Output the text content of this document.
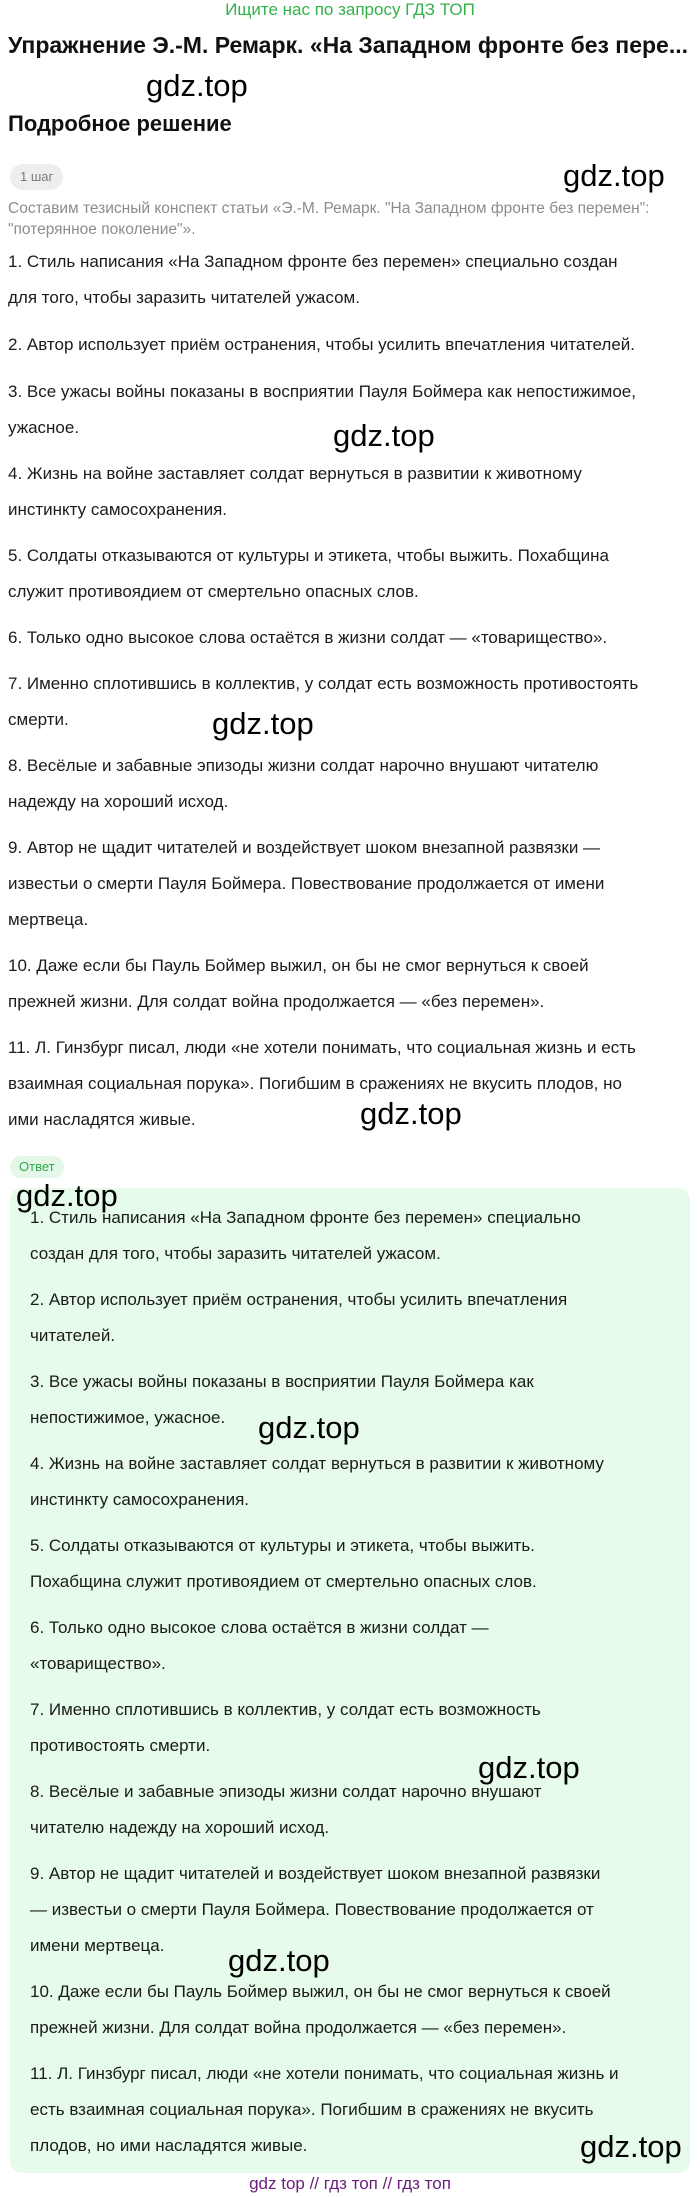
Ищите нас по запросу ГДЗ ТОП
Упражнение Э.-М. Ремарк. «На Западном фронте без пере...
Подробное решение
1 шаг
Составим тезисный конспект статьи «Э.-М. Ремарк. "На Западном фронте без перемен": "потерянное поколение"».
1. Стиль написания «На Западном фронте без перемен» специально создан
для того, чтобы заразить читателей ужасом.
2. Автор использует приём остранения, чтобы усилить впечатления читателей.
3. Все ужасы войны показаны в восприятии Пауля Боймера как непостижимое,
ужасное.
4. Жизнь на войне заставляет солдат вернуться в развитии к животному
инстинкту самосохранения.
5. Солдаты отказываются от культуры и этикета, чтобы выжить. Похабщина
служит противоядием от смертельно опасных слов.
6. Только одно высокое слова остаётся в жизни солдат — «товарищество».
7. Именно сплотившись в коллектив, у солдат есть возможность противостоять
смерти.
8. Весёлые и забавные эпизоды жизни солдат нарочно внушают читателю
надежду на хороший исход.
9. Автор не щадит читателей и воздействует шоком внезапной развязки —
известьи о смерти Пауля Боймера. Повествование продолжается от имени
мертвеца.
10. Даже если бы Пауль Боймер выжил, он бы не смог вернуться к своей
прежней жизни. Для солдат война продолжается — «без перемен».
11. Л. Гинзбург писал, люди «не хотели понимать, что социальная жизнь и есть
взаимная социальная порука». Погибшим в сражениях не вкусить плодов, но
ими насладятся живые.
Ответ
1. Стиль написания «На Западном фронте без перемен» специально
создан для того, чтобы заразить читателей ужасом.
2. Автор использует приём остранения, чтобы усилить впечатления
читателей.
3. Все ужасы войны показаны в восприятии Пауля Боймера как
непостижимое, ужасное.
4. Жизнь на войне заставляет солдат вернуться в развитии к животному
инстинкту самосохранения.
5. Солдаты отказываются от культуры и этикета, чтобы выжить.
Похабщина служит противоядием от смертельно опасных слов.
6. Только одно высокое слова остаётся в жизни солдат —
«товарищество».
7. Именно сплотившись в коллектив, у солдат есть возможность
противостоять смерти.
8. Весёлые и забавные эпизоды жизни солдат нарочно внушают
читателю надежду на хороший исход.
9. Автор не щадит читателей и воздействует шоком внезапной развязки
— известьи о смерти Пауля Боймера. Повествование продолжается от
имени мертвеца.
10. Даже если бы Пауль Боймер выжил, он бы не смог вернуться к своей
прежней жизни. Для солдат война продолжается — «без перемен».
11. Л. Гинзбург писал, люди «не хотели понимать, что социальная жизнь и
есть взаимная социальная порука». Погибшим в сражениях не вкусить
плодов, но ими насладятся живые.
gdz.top
gdz.top
gdz.top
gdz.top
gdz.top
gdz.top
gdz.top
gdz.top
gdz.top
gdz.top
gdz top // гдз топ // гдз топ
